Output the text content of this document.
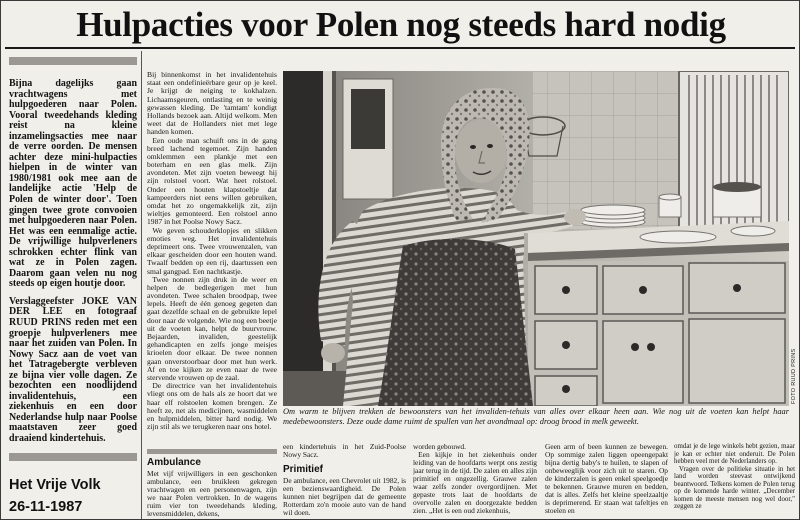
Hulpacties voor Polen nog steeds hard nodig

Bijna dagelijks gaan vrachtwagens met hulpgoederen naar Polen. Vooral tweedehands kleding reist na kleine inzamelingsacties mee naar de verre oorden. De mensen achter deze mini-hulpacties hielpen in de winter van 1980/1981 ook mee aan de landelijke actie 'Help de Polen de winter door'. Toen gingen twee grote convooien met hulpgoederen naar Polen. Het was een eenmalige actie. De vrijwillige hulpverleners schrokken echter flink van wat ze in Polen zagen. Daarom gaan velen nu nog steeds op eigen houtje door.

Verslaggeefster JOKE VAN DER LEE en fotograaf RUUD PRINS reden met een groepje hulpverleners mee naar het zuiden van Polen. In Nowy Sacz aan de voet van het Tatragebergte verbleven ze bijna vier volle dagen. Ze bezochten een noodlijdend invalidentehuis, een ziekenhuis en een door Nederlandse hulp naar Poolse maatstaven zeer goed draaiend kindertehuis.

Het Vrije Volk
26-11-1987

Bij binnenkomst in het invalidentehuis staat een ondefinieërbare geur op je keel. Je krijgt de neiging te kokhalzen. Lichaamsgeuren, ontlasting en te weinig gewassen kleding. De 'tamtam' kondigt Hollands bezoek aan. Altijd welkom. Men weet dat de Hollanders niet met lege handen komen.

Een oude man schuift ons in de gang breed lachend tegemoet. Zijn handen omklemmen een plankje met een boterham en een glas melk. Zijn avondeten. Met zijn voeten beweegt hij zijn rolstoel voort. Wat heet rolstoel. Onder een houten klapstoeltje dat kampeerders niet eens willen gebruiken, omdat het zo ongemakkelijk zit, zijn wieltjes gemonteerd. Een rolstoel anno 1987 in het Poolse Nowy Sacz.

We geven schouderklopjes en slikken emoties weg. Het invalidentehuis deprimeert ons. Twee vrouwenzalen, van elkaar gescheiden door een houten wand. Twaalf bedden op een rij, daartussen een smal gangpad. Een nachtkastje.

Twee nonnen zijn druk in de weer en helpen de bedlegerigen met hun avondeten. Twee schalen broodpap, twee lepels. Heeft de één genoeg gegeten dan gaat dezelfde schaal en de gebruikte lepel door naar de volgende. Wie nog een beetje uit de voeten kan, helpt de buurvrouw. Bejaarden, invaliden, geestelijk gehandicapten en zelfs jonge meisjes krioelen door elkaar. De twee nonnen gaan onverstoorbaar door met hun werk. Af en toe kijken ze even naar de twee stervende vrouwen op de zaal.

De directrice van het invalidentehuis vliegt ons om de hals als ze hoort dat we haar elf rolstoelen komen brengen. Ze heeft ze, net als medicijnen, wasmiddelen en hulpmiddelen, bitter hard nodig. We zijn stil als we terugkeren naar ons hotel.

Ambulance

Met vijf vrijwilligers in een geschonken ambulance, een bruikleen gekregen vrachtwagen en een personenwagen, zijn we naar Polen vertrokken. In de wagens ruim vier ton tweedehands kleding, levensmiddelen, dekens,

FOTO RUUD PRINS

Om warm te blijven trekken de bewoonsters van het invaliden-tehuis van alles over elkaar heen aan. Wie nog uit de voeten kan helpt haar medebewoonsters. Deze oude dame ruimt de spullen van het avondmaal op: droog brood in melk geweekt.

een kindertehuis in het Zuid-Poolse Nowy Sacz.

Primitief

De ambulance, een Chevrolet uit 1982, is een bezienswaardigheid. De Polen kunnen niet begrijpen dat de gemeente Rotterdam zo'n mooie auto van de hand wil doen.

worden gebouwd.

Een kijkje in het ziekenhuis onder leiding van de hoofdarts werpt ons zestig jaar terug in de tijd. De zalen en alles zijn primitief en ongezellig. Grauwe zalen waar zelfs zonder overgordijnen. Met gepaste trots laat de hoofdarts de overvolle zalen en doorgezakte bedden zien. „Het is een oud ziekenhuis,

Geen arm of been kunnen ze bewegen. Op sommige zalen liggen opeengepakt bijna dertig baby's te huilen, te slapen of onbeweeglijk voor zich uit te staren. Op de kinderzalen is geen enkel speelgoedje te bekennen. Grauwe muren en bedden, dat is alles. Zelfs het kleine speelzaaltje is deprimerend. Er staan wat tafeltjes en stoelen en

omdat je de lege winkels hebt gezien, maar je kan er echter niet onderuit. De Polen hebben veel met de Nederlanders op.

Vragen over de politieke situatie in het land worden steevast ontwijkend beantwoord. Telkens komen de Polen terug op de komende harde winter. „December komen de meeste mensen nog wel door," zeggen ze
